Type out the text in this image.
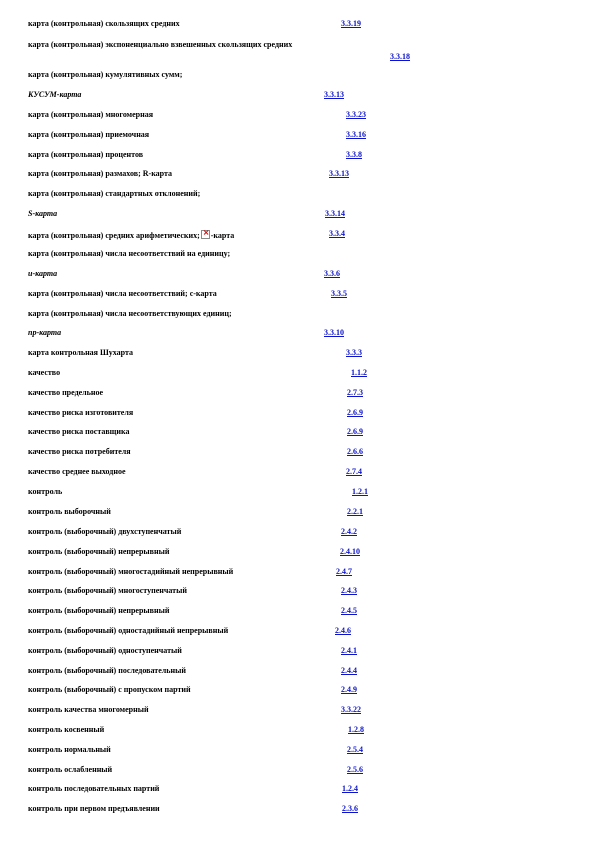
карта (контрольная) скользящих средних	3.3.19
карта (контрольная) экспоненциально взвешенных скользящих средних
3.3.18
карта (контрольная) кумулятивных сумм;
КУСУМ-карта	3.3.13
карта (контрольная) многомерная	3.3.23
карта (контрольная) приемочная	3.3.16
карта (контрольная) процентов	3.3.8
карта (контрольная) размахов; R-карта	3.3.13
карта (контрольная) стандартных отклонений;
S-карта	3.3.14
карта (контрольная) средних арифметических;× -карта	3.3.4
карта (контрольная) числа несоответствий на единицу;
u-карта	3.3.6
карта (контрольная) числа несоответствий; c-карта	3.3.5
карта (контрольная) числа несоответствующих единиц;
np-карта	3.3.10
карта контрольная Шухарта	3.3.3
качество	1.1.2
качество предельное	2.7.3
качество риска изготовителя	2.6.9
качество риска поставщика	2.6.9
качество риска потребителя	2.6.6
качество среднее выходное	2.7.4
контроль	1.2.1
контроль выборочный	2.2.1
контроль (выборочный) двухступенчатый	2.4.2
контроль (выборочный) непрерывный	2.4.10
контроль (выборочный) многостадийный непрерывный	2.4.7
контроль (выборочный) многоступенчатый	2.4.3
контроль (выборочный) непрерывный	2.4.5
контроль (выборочный) одностадийный непрерывный	2.4.6
контроль (выборочный) одноступенчатый	2.4.1
контроль (выборочный) последовательный	2.4.4
контроль (выборочный) с пропуском партий	2.4.9
контроль качества многомерный	3.3.22
контроль косвенный	1.2.8
контроль нормальный	2.5.4
контроль ослабленный	2.5.6
контроль последовательных партий	1.2.4
контроль при первом предъявлении	2.3.6
